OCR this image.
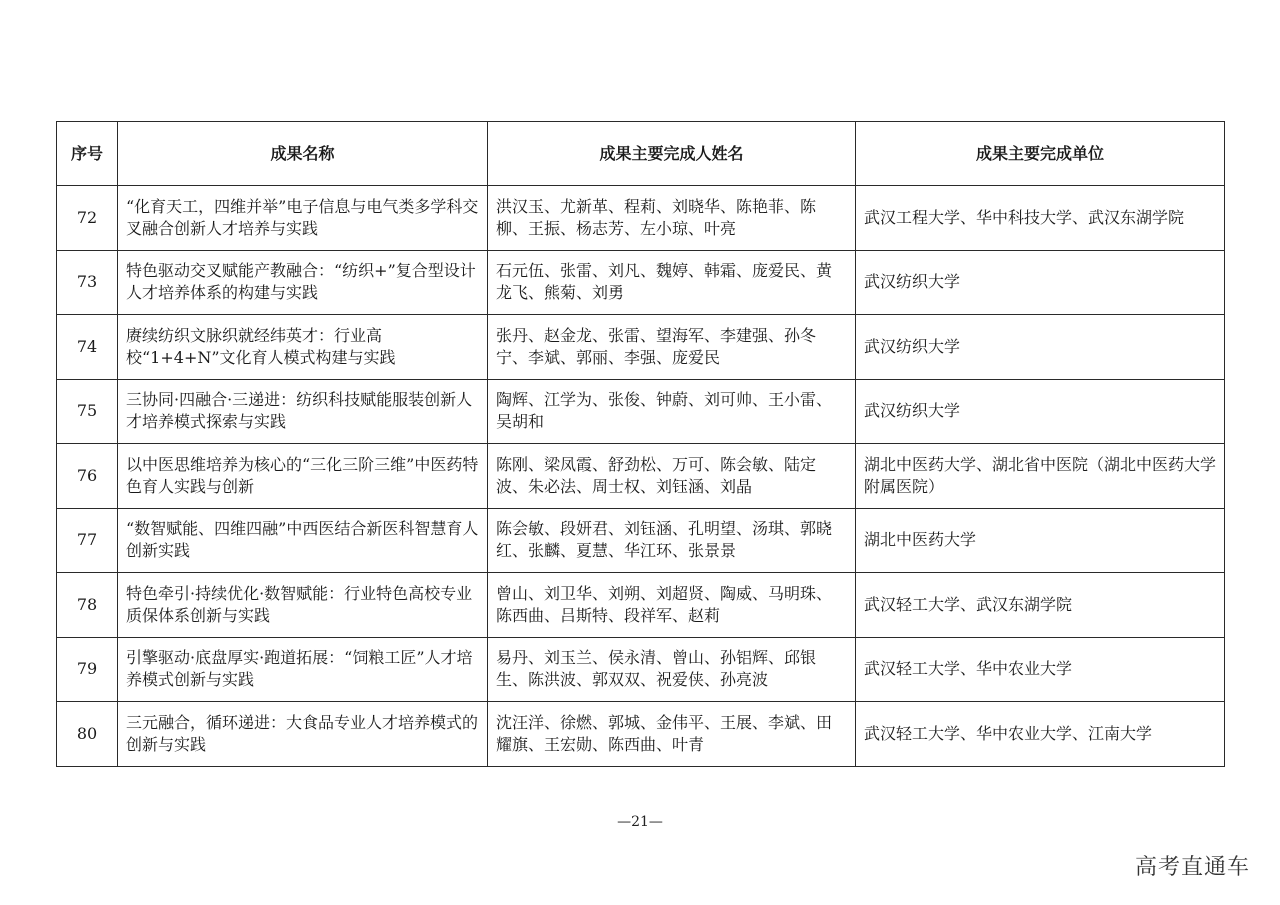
序号	成果名称	成果主要完成人姓名	成果主要完成单位
72	“化育天工，四维并举”电子信息与电气类多学科交叉融合创新人才培养与实践	洪汉玉、尤新革、程莉、刘晓华、陈艳菲、陈柳、王振、杨志芳、左小琼、叶亮	武汉工程大学、华中科技大学、武汉东湖学院
73	特色驱动交叉赋能产教融合：“纺织+”复合型设计人才培养体系的构建与实践	石元伍、张雷、刘凡、魏婷、韩霜、庞爱民、黄龙飞、熊菊、刘勇	武汉纺织大学
74	赓续纺织文脉织就经纬英才：行业高校“1+4+N”文化育人模式构建与实践	张丹、赵金龙、张雷、望海军、李建强、孙冬宁、李斌、郭丽、李强、庞爱民	武汉纺织大学
75	三协同·四融合·三递进：纺织科技赋能服装创新人才培养模式探索与实践	陶辉、江学为、张俊、钟蔚、刘可帅、王小雷、吴胡和	武汉纺织大学
76	以中医思维培养为核心的“三化三阶三维”中医药特色育人实践与创新	陈刚、梁凤霞、舒劲松、万可、陈会敏、陆定波、朱必法、周士权、刘钰涵、刘晶	湖北中医药大学、湖北省中医院（湖北中医药大学附属医院）
77	“数智赋能、四维四融”中西医结合新医科智慧育人创新实践	陈会敏、段妍君、刘钰涵、孔明望、汤琪、郭晓红、张麟、夏慧、华江环、张景景	湖北中医药大学
78	特色牵引·持续优化·数智赋能：行业特色高校专业质保体系创新与实践	曾山、刘卫华、刘朔、刘超贤、陶威、马明珠、陈西曲、吕斯特、段祥军、赵莉	武汉轻工大学、武汉东湖学院
79	引擎驱动·底盘厚实·跑道拓展：“饲粮工匠”人才培养模式创新与实践	易丹、刘玉兰、侯永清、曾山、孙铝辉、邱银生、陈洪波、郭双双、祝爱侠、孙亮波	武汉轻工大学、华中农业大学
80	三元融合，循环递进：大食品专业人才培养模式的创新与实践	沈汪洋、徐燃、郭城、金伟平、王展、李斌、田耀旗、王宏勋、陈西曲、叶青	武汉轻工大学、华中农业大学、江南大学
—21—
高考直通车
